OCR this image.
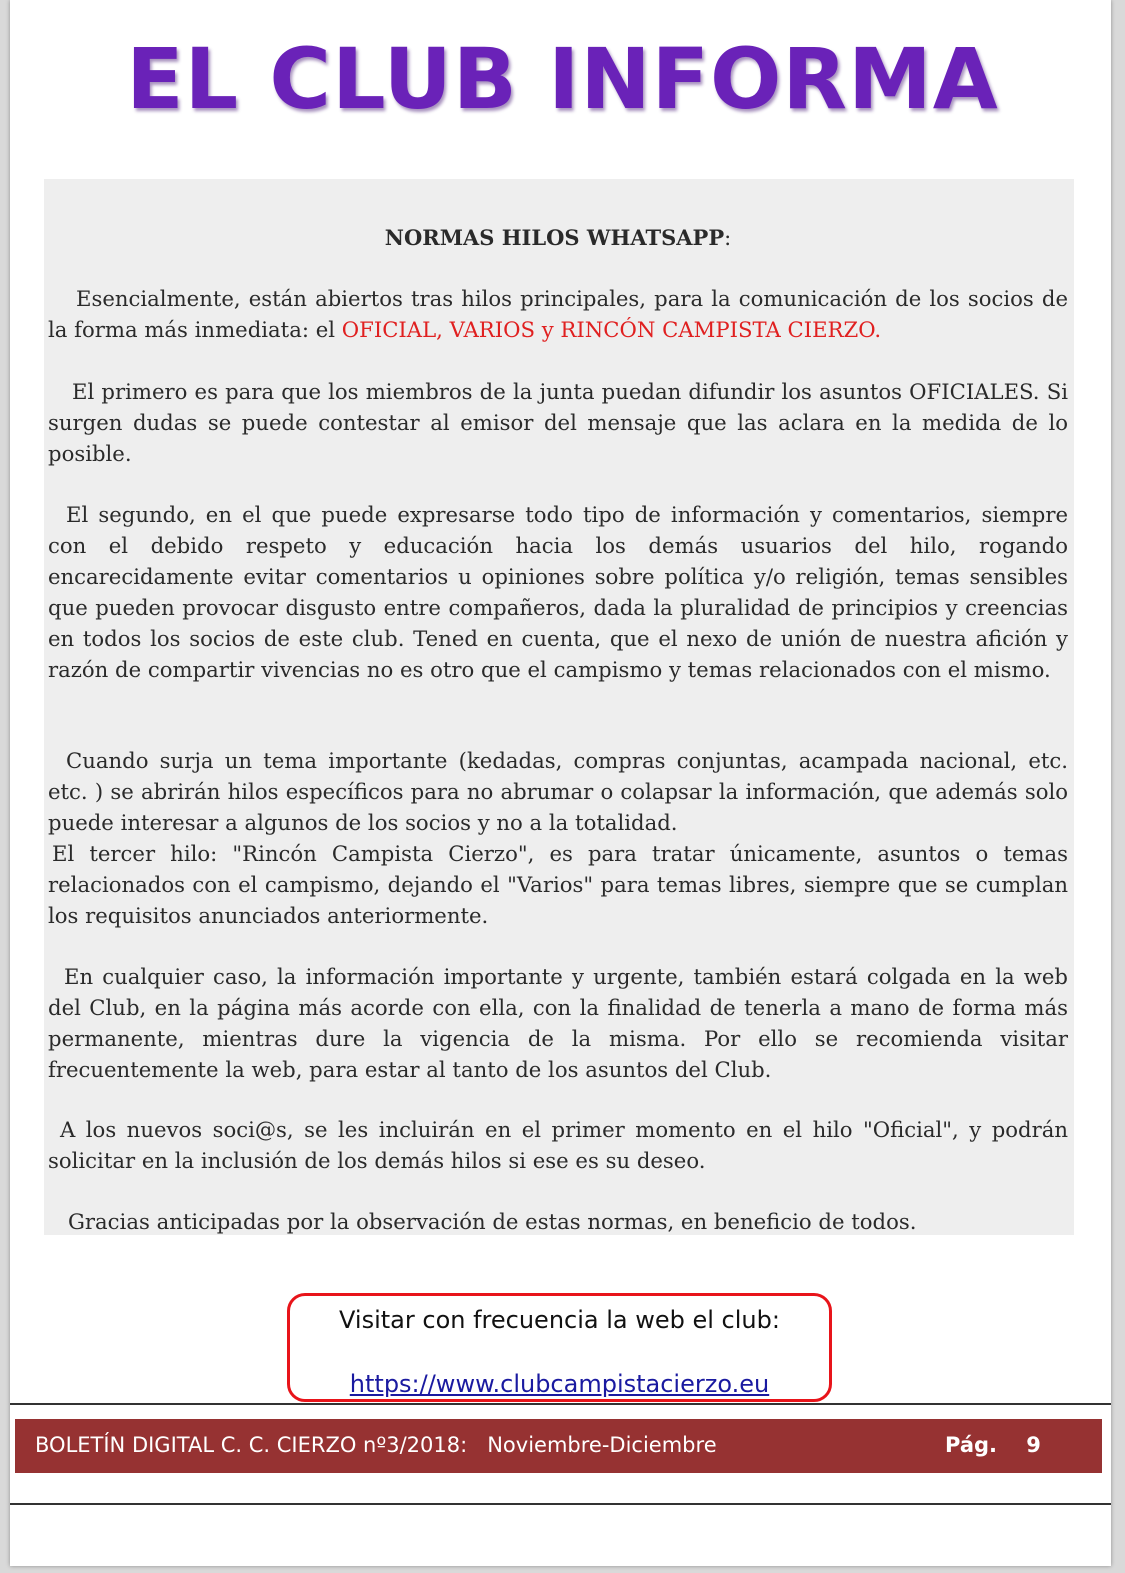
EL CLUB INFORMA
NORMAS HILOS WHATSAPP:
Esencialmente, están abiertos tras hilos principales, para la comunicación de los socios de la forma más inmediata: el OFICIAL, VARIOS y RINCÓN CAMPISTA CIERZO.
El primero es para que los miembros de la junta puedan difundir los asuntos OFICIALES. Si surgen dudas se puede contestar al emisor del mensaje que las aclara en la medida de lo posible.
El segundo, en el que puede expresarse todo tipo de información y comentarios, siempre con el debido respeto y educación hacia los demás usuarios del hilo, rogando encarecidamente evitar comentarios u opiniones sobre política y/o religión, temas sensibles que pueden provocar disgusto entre compañeros, dada la pluralidad de principios y creencias en todos los socios de este club. Tened en cuenta, que el nexo de unión de nuestra afición y razón de compartir vivencias no es otro que el campismo y temas relacionados con el mismo.
Cuando surja un tema importante (kedadas, compras conjuntas, acampada nacional, etc. etc. ) se abrirán hilos específicos para no abrumar o colapsar la información, que además solo puede interesar a algunos de los socios y no a la totalidad.
El tercer hilo: "Rincón Campista Cierzo", es para tratar únicamente, asuntos o temas relacionados con el campismo, dejando el "Varios" para temas libres, siempre que se cumplan los requisitos anunciados anteriormente.
En cualquier caso, la información importante y urgente, también estará colgada en la web del Club, en la página más acorde con ella, con la finalidad de tenerla a mano de forma más permanente, mientras dure la vigencia de la misma. Por ello se recomienda visitar frecuentemente la web, para estar al tanto de los asuntos del Club.
A los nuevos soci@s, se les incluirán en el primer momento en el hilo "Oficial", y podrán solicitar en la inclusión de los demás hilos si ese es su deseo.
Gracias anticipadas por la observación de estas normas, en beneficio de todos.
Visitar con frecuencia la web el club:
https://www.clubcampistacierzo.eu
BOLETÍN DIGITAL C. C. CIERZO nº3/2018:   Noviembre-Diciembre	Pág. 9
